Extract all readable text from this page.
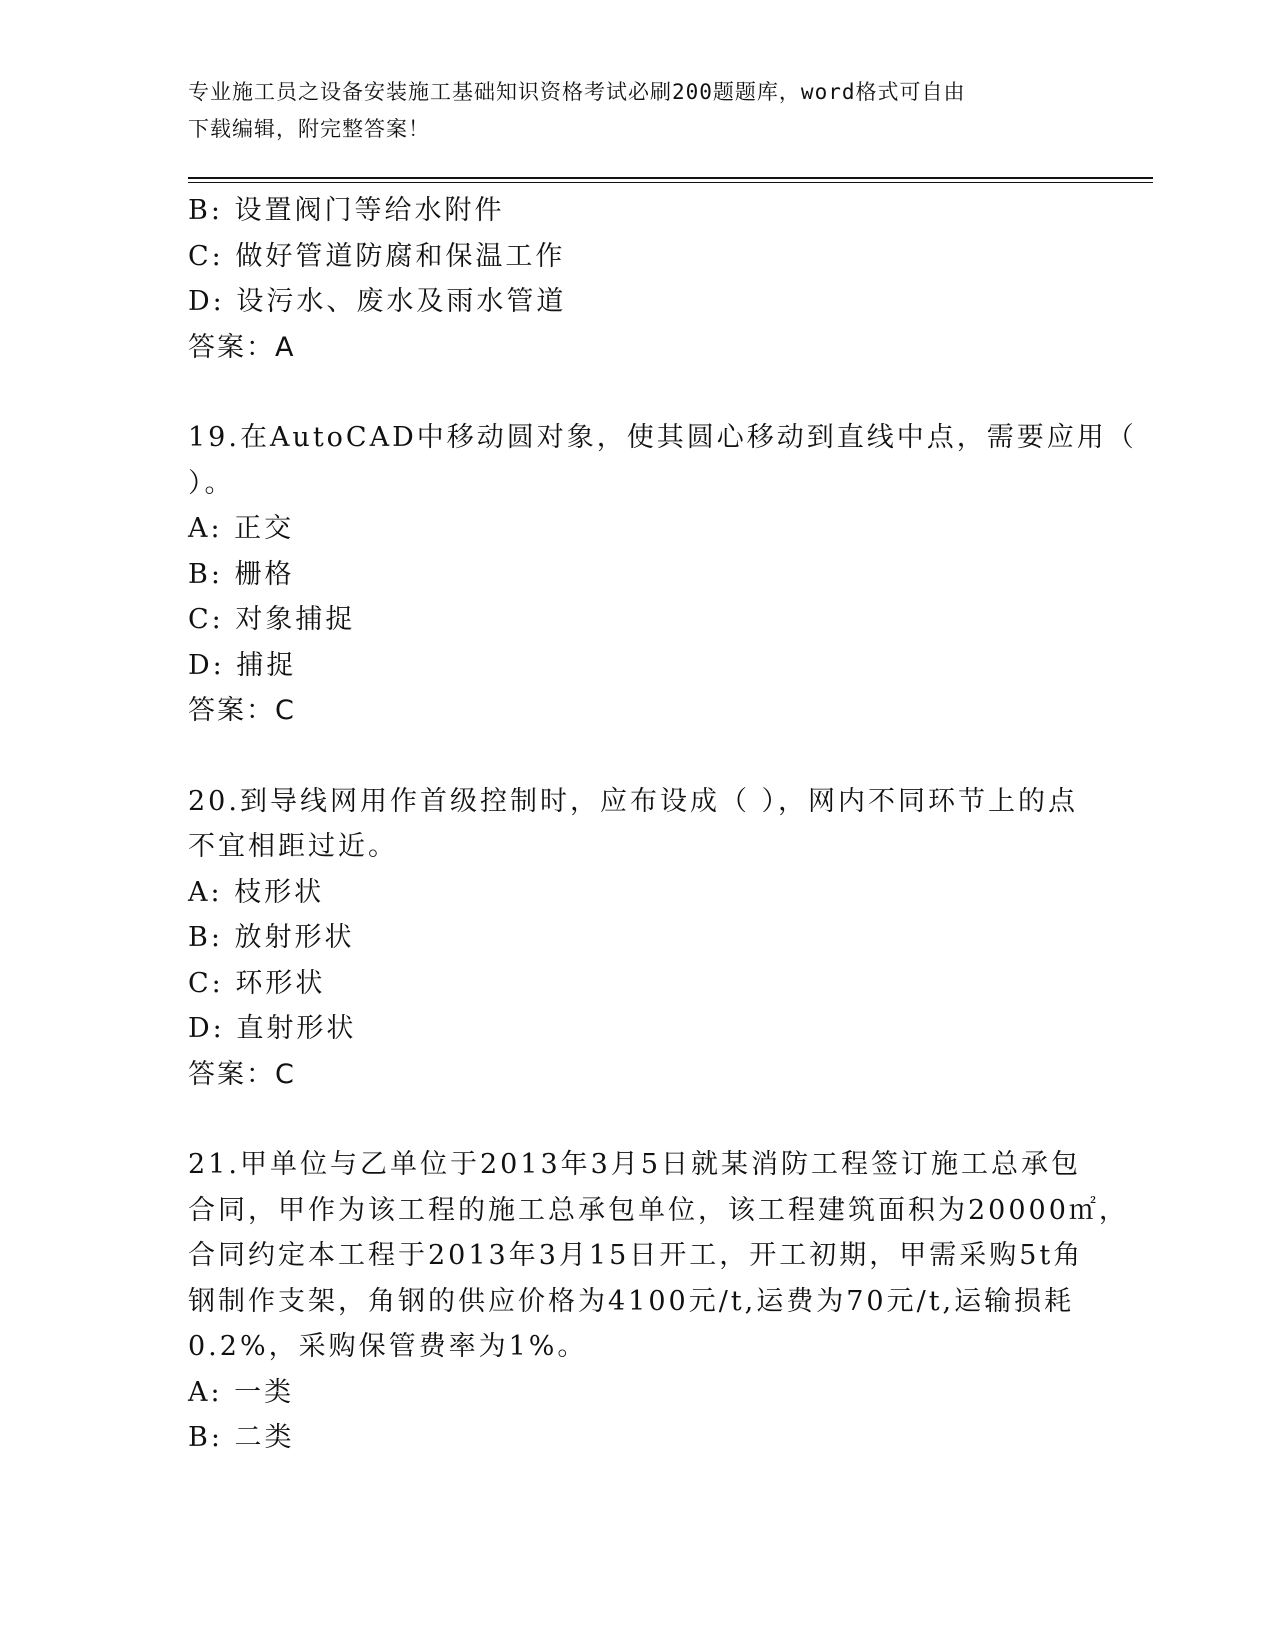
专业施工员之设备安装施工基础知识资格考试必刷200题题库，word格式可自由
下载编辑，附完整答案！
B: 设置阀门等给水附件
C: 做好管道防腐和保温工作
D: 设污水、废水及雨水管道
答案：A
19.在AutoCAD中移动圆对象，使其圆心移动到直线中点，需要应用（
）。
A: 正交
B: 栅格
C: 对象捕捉
D: 捕捉
答案：C
20.到导线网用作首级控制时，应布设成（ ），网内不同环节上的点
不宜相距过近。
A: 枝形状
B: 放射形状
C: 环形状
D: 直射形状
答案：C
21.甲单位与乙单位于2013年3月5日就某消防工程签订施工总承包
合同，甲作为该工程的施工总承包单位，该工程建筑面积为20000㎡，
合同约定本工程于2013年3月15日开工，开工初期，甲需采购5t角
钢制作支架，角钢的供应价格为4100元/t,运费为70元/t,运输损耗
0.2%，采购保管费率为1%。
A: 一类
B: 二类
